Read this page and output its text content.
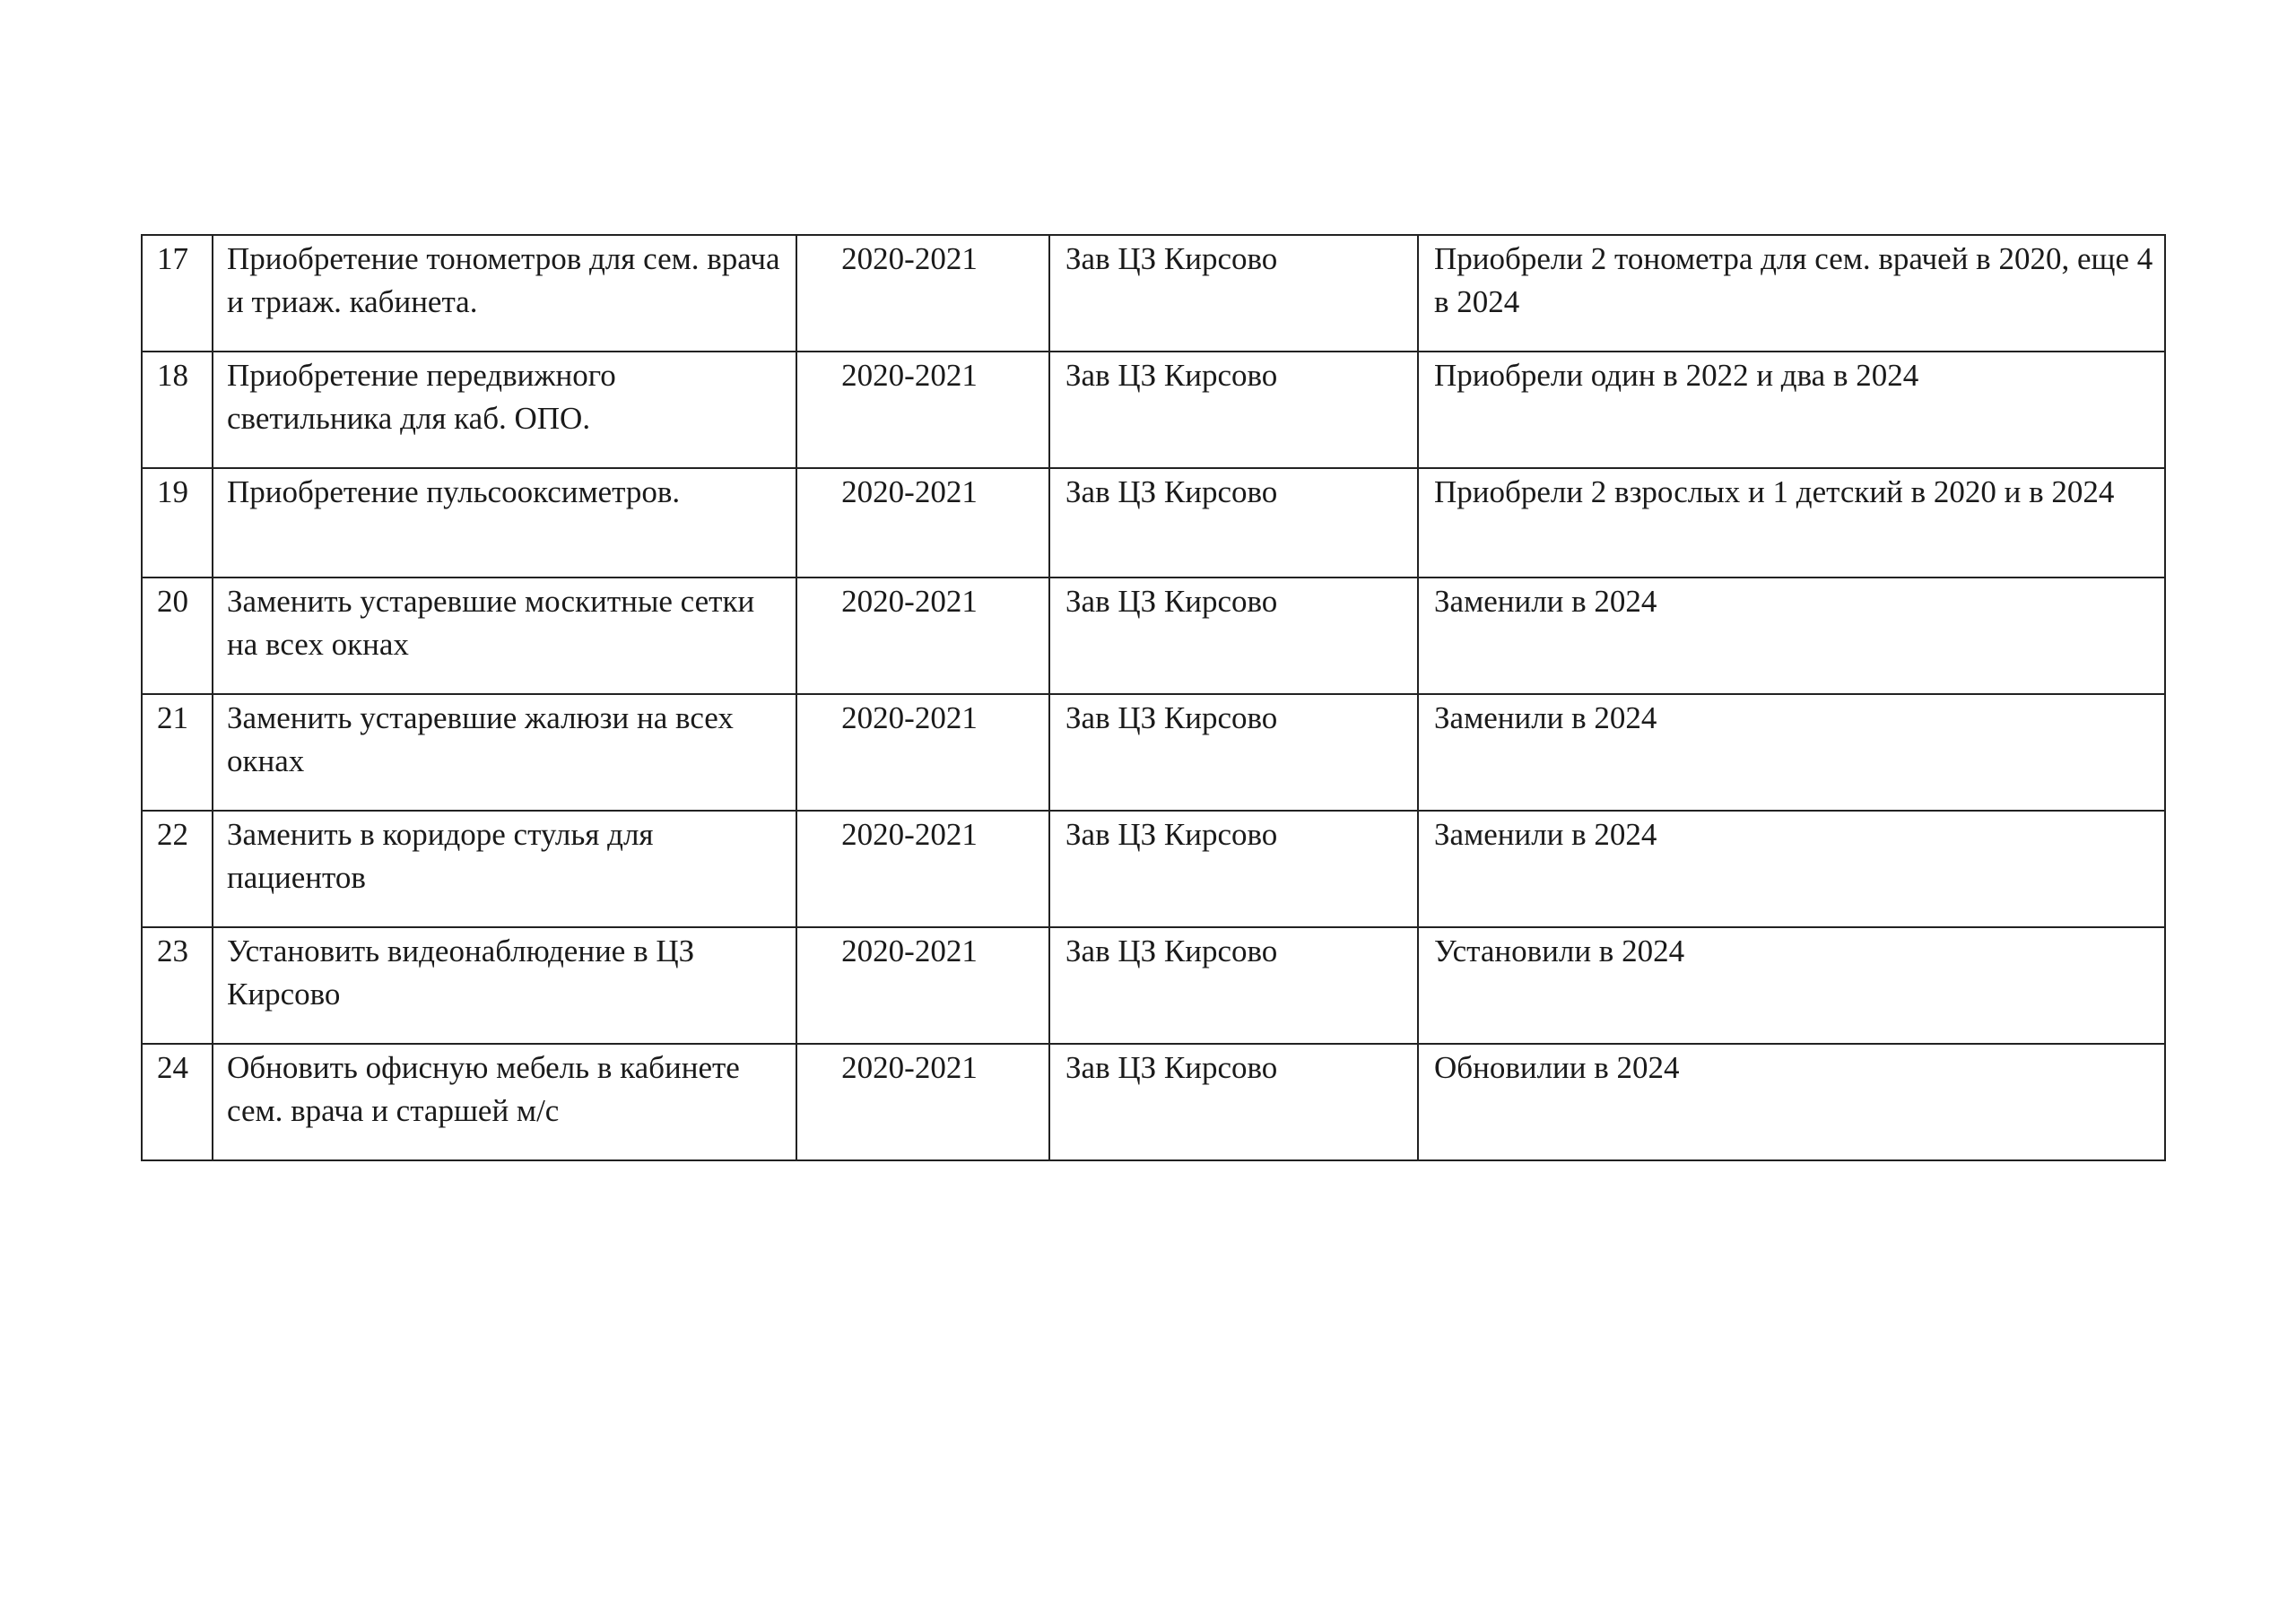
17	Приобретение тонометров для сем. врача и триаж. кабинета.	2020-2021	Зав ЦЗ Кирсово	Приобрели 2 тонометра для сем. врачей в 2020, еще 4 в 2024
18	Приобретение передвижного светильника для каб. ОПО.	2020-2021	Зав ЦЗ Кирсово	Приобрели один в 2022 и два в 2024
19	Приобретение пульсооксиметров.	2020-2021	Зав ЦЗ Кирсово	Приобрели 2 взрослых и 1 детский в 2020 и в 2024
20	Заменить устаревшие москитные сетки на всех окнах	2020-2021	Зав ЦЗ Кирсово	Заменили в 2024
21	Заменить устаревшие жалюзи на всех окнах	2020-2021	Зав ЦЗ Кирсово	Заменили в 2024
22	Заменить в коридоре стулья для пациентов	2020-2021	Зав ЦЗ Кирсово	Заменили в 2024
23	Установить видеонаблюдение в ЦЗ Кирсово	2020-2021	Зав ЦЗ Кирсово	Установили в 2024
24	Обновить офисную мебель в кабинете сем. врача и старшей м/с	2020-2021	Зав ЦЗ Кирсово	Обновилии в 2024
